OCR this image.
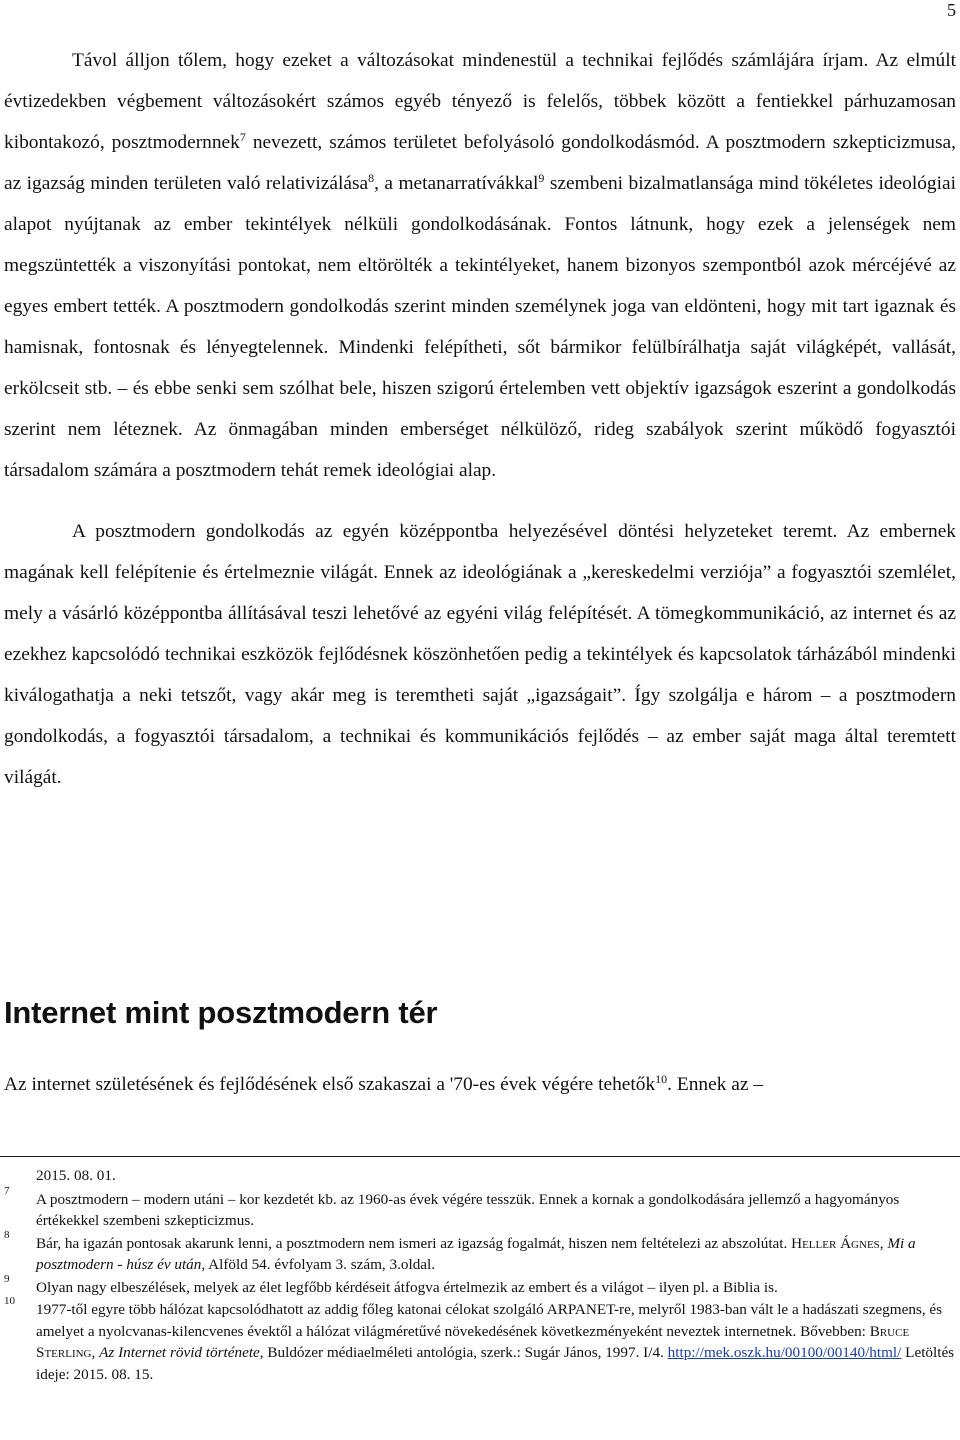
5

Távol álljon tőlem, hogy ezeket a változásokat mindenestül a technikai fejlődés számlájára írjam. Az elmúlt évtizedekben végbement változásokért számos egyéb tényező is felelős, többek között a fentiekkel párhuzamosan kibontakozó, posztmodernnek$^7$ nevezett, számos területet befolyásoló gondolkodásmód. A posztmodern szkepticizmusa, az igazság minden területen való relativizálása$^8$, a metanarratívákkal$^9$ szembeni bizalmatlansága mind tökéletes ideológiai alapot nyújtanak az ember tekintélyek nélküli gondolkodásának. Fontos látnunk, hogy ezek a jelenségek nem megszüntették a viszonyítási pontokat, nem eltörölték a tekintélyeket, hanem bizonyos szempontból azok mércéjévé az egyes embert tették. A posztmodern gondolkodás szerint minden személynek joga van eldönteni, hogy mit tart igaznak és hamisnak, fontosnak és lényegtelennek. Mindenki felépítheti, sőt bármikor felülbírálhatja saját világképét, vallását, erkölcseit stb. – és ebbe senki sem szólhat bele, hiszen szigorú értelemben vett objektív igazságok eszerint a gondolkodás szerint nem léteznek. Az önmagában minden emberséget nélkülöző, rideg szabályok szerint működő fogyasztói társadalom számára a posztmodern tehát remek ideológiai alap.

A posztmodern gondolkodás az egyén középpontba helyezésével döntési helyzeteket teremt. Az embernek magának kell felépítenie és értelmeznie világát. Ennek az ideológiának a „kereskedelmi verziója” a fogyasztói szemlélet, mely a vásárló középpontba állításával teszi lehetővé az egyéni világ felépítését. A tömegkommunikáció, az internet és az ezekhez kapcsolódó technikai eszközök fejlődésnek köszönhetően pedig a tekintélyek és kapcsolatok tárházából mindenki kiválogathatja a neki tetszőt, vagy akár meg is teremtheti saját „igazságait”. Így szolgálja e három – a posztmodern gondolkodás, a fogyasztói társadalom, a technikai és kommunikációs fejlődés – az ember saját maga által teremtett világát.

Internet mint posztmodern tér

Az internet születésének és fejlődésének első szakaszai a '70-es évek végére tehetők$^{10}$. Ennek az –

2015. 08. 01.

7 A posztmodern – modern utáni – kor kezdetét kb. az 1960-as évek végére tesszük. Ennek a kornak a gondolkodására jellemző a hagyományos értékekkel szembeni szkepticizmus.

8 Bár, ha igazán pontosak akarunk lenni, a posztmodern nem ismeri az igazság fogalmát, hiszen nem feltételezi az abszolútat. Heller Ágnes, Mi a posztmodern - húsz év után, Alföld 54. évfolyam 3. szám, 3.oldal.

9 Olyan nagy elbeszélések, melyek az élet legfőbb kérdéseit átfogva értelmezik az embert és a világot – ilyen pl. a Biblia is.

10 1977-től egyre több hálózat kapcsolódhatott az addig főleg katonai célokat szolgáló ARPANET-re, melyről 1983-ban vált le a hadászati szegmens, és amelyet a nyolcvanas-kilencvenes évektől a hálózat világméretűvé növekedésének következményeként neveztek internetnek. Bővebben: Bruce Sterling, Az Internet rövid története, Buldózer médiaelméleti antológia, szerk.: Sugár János, 1997. I/4. http://mek.oszk.hu/00100/00140/html/ Letöltés ideje: 2015. 08. 15.
